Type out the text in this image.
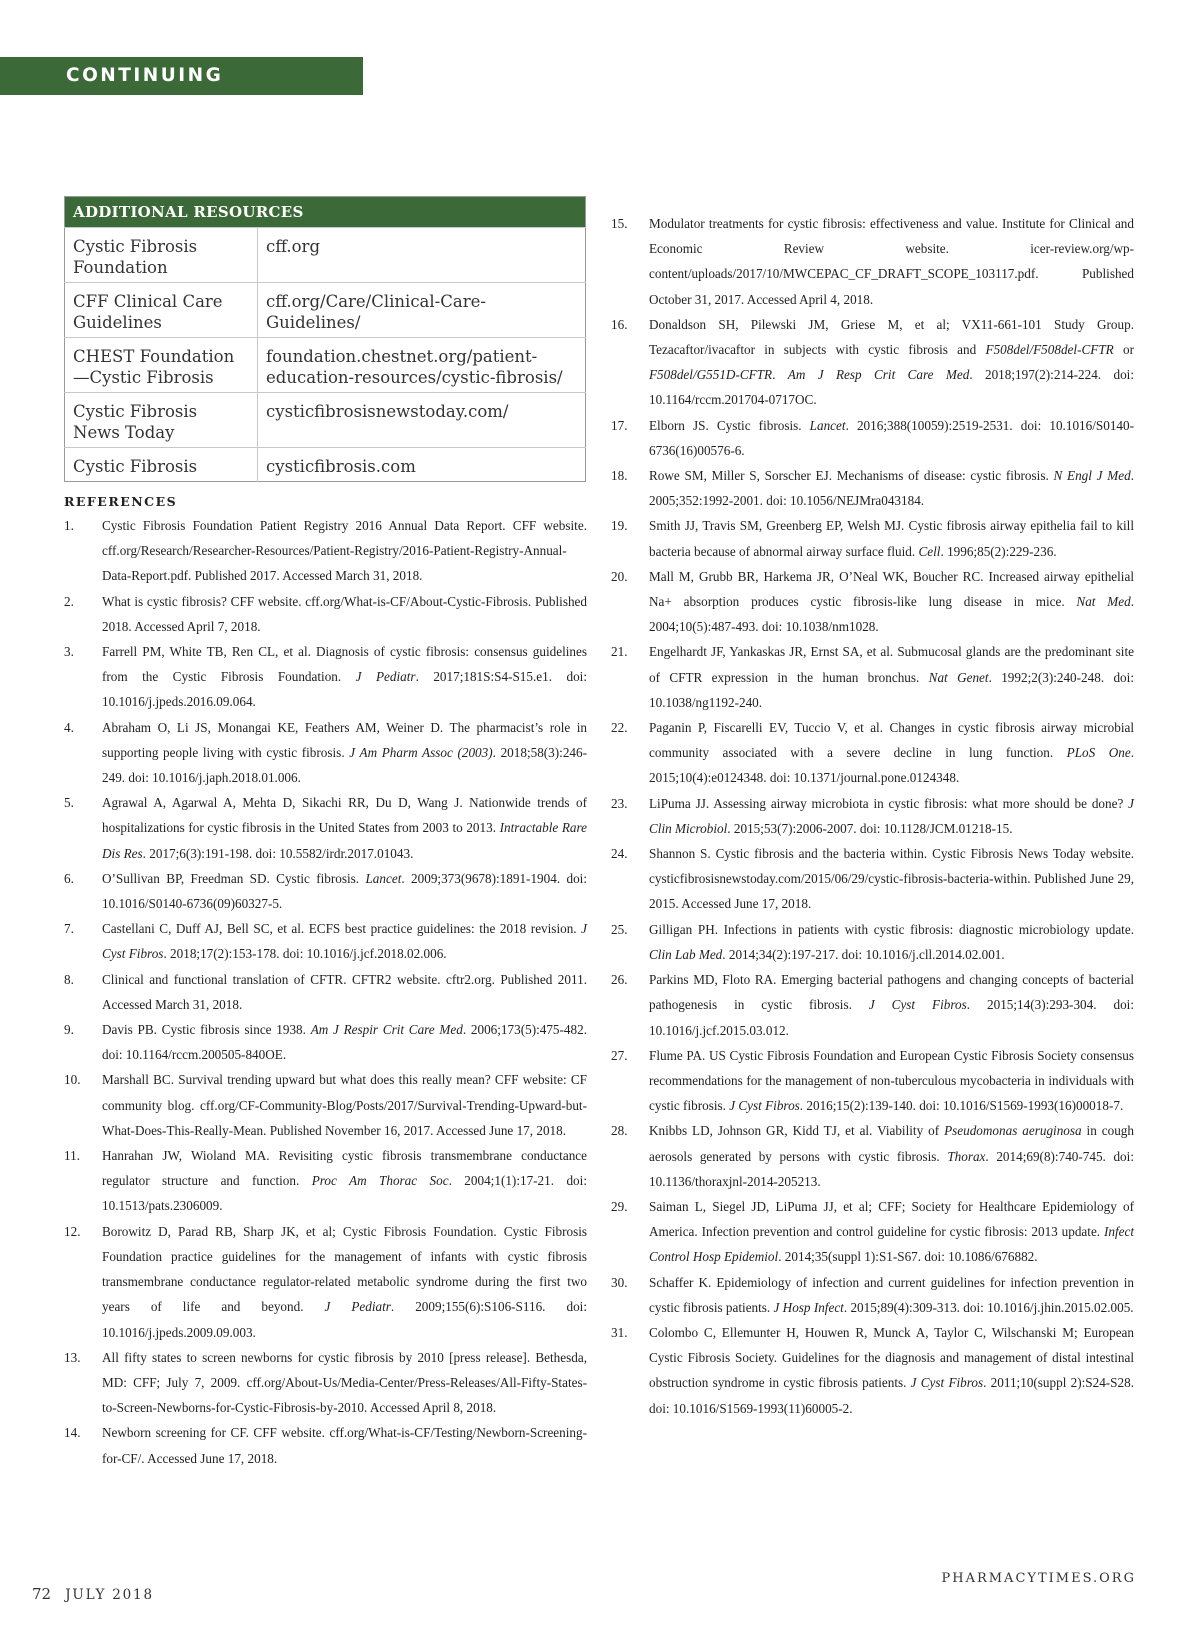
CONTINUING EDUCATION
ADDITIONAL RESOURCES	
Cystic Fibrosis Foundation	cff.org
CFF Clinical Care Guidelines	cff.org/Care/Clinical-Care-Guidelines/
CHEST Foundation—Cystic Fibrosis	foundation.chestnet.org/patient-education-resources/cystic-fibrosis/
Cystic Fibrosis News Today	cysticfibrosisnewstoday.com/
Cystic Fibrosis	cysticfibrosis.com
REFERENCES
1.	Cystic Fibrosis Foundation Patient Registry 2016 Annual Data Report. CFF website. cff.org/Research/Researcher-Resources/Patient-Registry/2016-Patient-Registry-Annual-Data-Report.pdf. Published 2017. Accessed March 31, 2018.
2.	What is cystic fibrosis? CFF website. cff.org/What-is-CF/About-Cystic-Fibrosis. Published 2018. Accessed April 7, 2018.
3.	Farrell PM, White TB, Ren CL, et al. Diagnosis of cystic fibrosis: consensus guidelines from the Cystic Fibrosis Foundation. J Pediatr. 2017;181S:S4-S15.e1. doi: 10.1016/j.jpeds.2016.09.064.
4.	Abraham O, Li JS, Monangai KE, Feathers AM, Weiner D. The pharmacist’s role in supporting people living with cystic fibrosis. J Am Pharm Assoc (2003). 2018;58(3):246-249. doi: 10.1016/j.japh.2018.01.006.
5.	Agrawal A, Agarwal A, Mehta D, Sikachi RR, Du D, Wang J. Nationwide trends of hospitalizations for cystic fibrosis in the United States from 2003 to 2013. Intractable Rare Dis Res. 2017;6(3):191-198. doi: 10.5582/irdr.2017.01043.
6.	O’Sullivan BP, Freedman SD. Cystic fibrosis. Lancet. 2009;373(9678):1891-1904. doi: 10.1016/S0140-6736(09)60327-5.
7.	Castellani C, Duff AJ, Bell SC, et al. ECFS best practice guidelines: the 2018 revision. J Cyst Fibros. 2018;17(2):153-178. doi: 10.1016/j.jcf.2018.02.006.
8.	Clinical and functional translation of CFTR. CFTR2 website. cftr2.org. Published 2011. Accessed March 31, 2018.
9.	Davis PB. Cystic fibrosis since 1938. Am J Respir Crit Care Med. 2006;173(5):475-482. doi: 10.1164/rccm.200505-840OE.
10.	Marshall BC. Survival trending upward but what does this really mean? CFF website: CF community blog. cff.org/CF-Community-Blog/Posts/2017/Survival-Trending-Upward-but-What-Does-This-Really-Mean. Published November 16, 2017. Accessed June 17, 2018.
11.	Hanrahan JW, Wioland MA. Revisiting cystic fibrosis transmembrane conductance regulator structure and function. Proc Am Thorac Soc. 2004;1(1):17-21. doi: 10.1513/pats.2306009.
12.	Borowitz D, Parad RB, Sharp JK, et al; Cystic Fibrosis Foundation. Cystic Fibrosis Foundation practice guidelines for the management of infants with cystic fibrosis transmembrane conductance regulator-related metabolic syndrome during the first two years of life and beyond. J Pediatr. 2009;155(6):S106-S116. doi: 10.1016/j.jpeds.2009.09.003.
13.	All fifty states to screen newborns for cystic fibrosis by 2010 [press release]. Bethesda, MD: CFF; July 7, 2009. cff.org/About-Us/Media-Center/Press-Releases/All-Fifty-States-to-Screen-Newborns-for-Cystic-Fibrosis-by-2010. Accessed April 8, 2018.
14.	Newborn screening for CF. CFF website. cff.org/What-is-CF/Testing/Newborn-Screening-for-CF/. Accessed June 17, 2018.
15.	Modulator treatments for cystic fibrosis: effectiveness and value. Institute for Clinical and Economic Review website. icer-review.org/wp-content/uploads/2017/10/MWCEPAC_CF_DRAFT_SCOPE_103117.pdf. Published October 31, 2017. Accessed April 4, 2018.
16.	Donaldson SH, Pilewski JM, Griese M, et al; VX11-661-101 Study Group. Tezacaftor/ivacaftor in subjects with cystic fibrosis and F508del/F508del-CFTR or F508del/G551D-CFTR. Am J Resp Crit Care Med. 2018;197(2):214-224. doi: 10.1164/rccm.201704-0717OC.
17.	Elborn JS. Cystic fibrosis. Lancet. 2016;388(10059):2519-2531. doi: 10.1016/S0140-6736(16)00576-6.
18.	Rowe SM, Miller S, Sorscher EJ. Mechanisms of disease: cystic fibrosis. N Engl J Med. 2005;352:1992-2001. doi: 10.1056/NEJMra043184.
19.	Smith JJ, Travis SM, Greenberg EP, Welsh MJ. Cystic fibrosis airway epithelia fail to kill bacteria because of abnormal airway surface fluid. Cell. 1996;85(2):229-236.
20.	Mall M, Grubb BR, Harkema JR, O’Neal WK, Boucher RC. Increased airway epithelial Na+ absorption produces cystic fibrosis-like lung disease in mice. Nat Med. 2004;10(5):487-493. doi: 10.1038/nm1028.
21.	Engelhardt JF, Yankaskas JR, Ernst SA, et al. Submucosal glands are the predominant site of CFTR expression in the human bronchus. Nat Genet. 1992;2(3):240-248. doi: 10.1038/ng1192-240.
22.	Paganin P, Fiscarelli EV, Tuccio V, et al. Changes in cystic fibrosis airway microbial community associated with a severe decline in lung function. PLoS One. 2015;10(4):e0124348. doi: 10.1371/journal.pone.0124348.
23.	LiPuma JJ. Assessing airway microbiota in cystic fibrosis: what more should be done? J Clin Microbiol. 2015;53(7):2006-2007. doi: 10.1128/JCM.01218-15.
24.	Shannon S. Cystic fibrosis and the bacteria within. Cystic Fibrosis News Today website. cysticfibrosisnewstoday.com/2015/06/29/cystic-fibrosis-bacteria-within. Published June 29, 2015. Accessed June 17, 2018.
25.	Gilligan PH. Infections in patients with cystic fibrosis: diagnostic microbiology update. Clin Lab Med. 2014;34(2):197-217. doi: 10.1016/j.cll.2014.02.001.
26.	Parkins MD, Floto RA. Emerging bacterial pathogens and changing concepts of bacterial pathogenesis in cystic fibrosis. J Cyst Fibros. 2015;14(3):293-304. doi: 10.1016/j.jcf.2015.03.012.
27.	Flume PA. US Cystic Fibrosis Foundation and European Cystic Fibrosis Society consensus recommendations for the management of non-tuberculous mycobacteria in individuals with cystic fibrosis. J Cyst Fibros. 2016;15(2):139-140. doi: 10.1016/S1569-1993(16)00018-7.
28.	Knibbs LD, Johnson GR, Kidd TJ, et al. Viability of Pseudomonas aeruginosa in cough aerosols generated by persons with cystic fibrosis. Thorax. 2014;69(8):740-745. doi: 10.1136/thoraxjnl-2014-205213.
29.	Saiman L, Siegel JD, LiPuma JJ, et al; CFF; Society for Healthcare Epidemiology of America. Infection prevention and control guideline for cystic fibrosis: 2013 update. Infect Control Hosp Epidemiol. 2014;35(suppl 1):S1-S67. doi: 10.1086/676882.
30.	Schaffer K. Epidemiology of infection and current guidelines for infection prevention in cystic fibrosis patients. J Hosp Infect. 2015;89(4):309-313. doi: 10.1016/j.jhin.2015.02.005.
31.	Colombo C, Ellemunter H, Houwen R, Munck A, Taylor C, Wilschanski M; European Cystic Fibrosis Society. Guidelines for the diagnosis and management of distal intestinal obstruction syndrome in cystic fibrosis patients. J Cyst Fibros. 2011;10(suppl 2):S24-S28. doi: 10.1016/S1569-1993(11)60005-2.
72 JULY 2018
PHARMACYTIMES.ORG
